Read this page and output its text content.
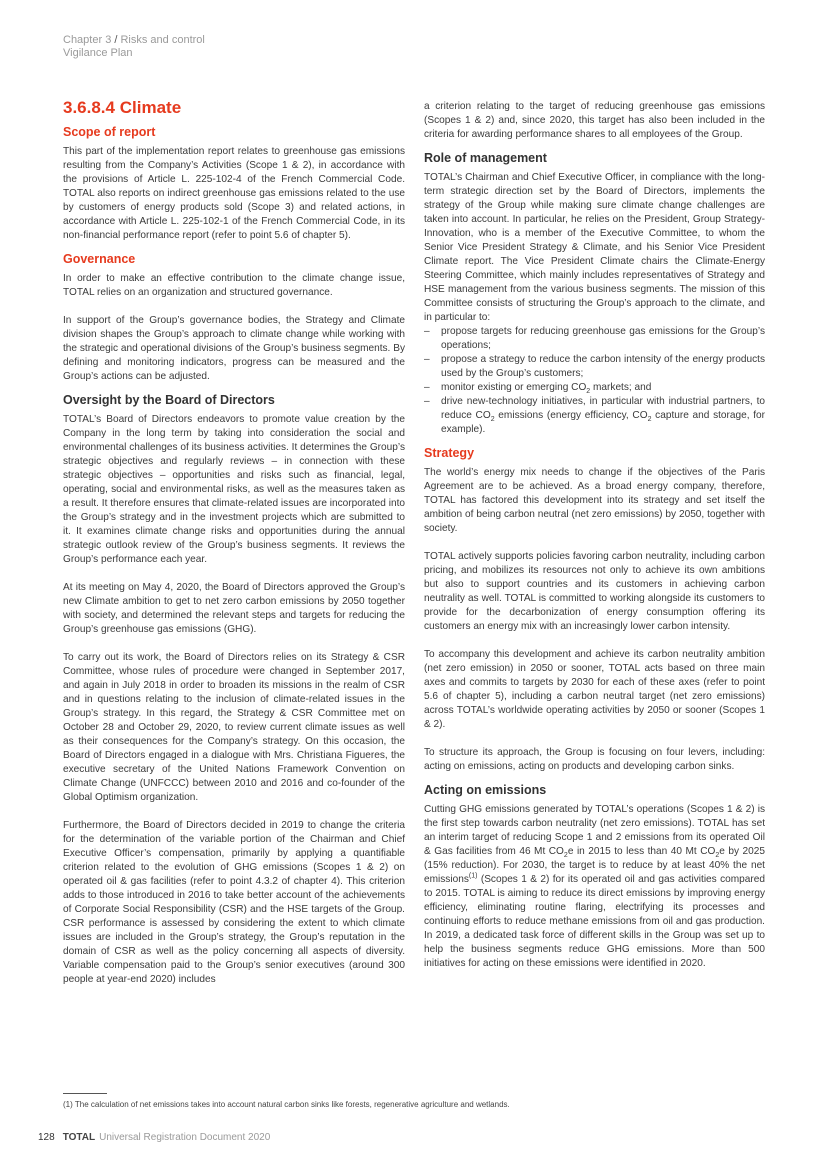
Chapter 3 / Risks and control
Vigilance Plan
3.6.8.4 Climate
Scope of report

This part of the implementation report relates to greenhouse gas emissions resulting from the Company’s Activities (Scope 1 & 2), in accordance with the provisions of Article L. 225-102-4 of the French Commercial Code. TOTAL also reports on indirect greenhouse gas emissions related to the use by customers of energy products sold (Scope 3) and related actions, in accordance with Article L. 225-102-1 of the French Commercial Code, in its non-financial performance report (refer to point 5.6 of chapter 5).

Governance

In order to make an effective contribution to the climate change issue, TOTAL relies on an organization and structured governance.

In support of the Group’s governance bodies, the Strategy and Climate division shapes the Group’s approach to climate change while working with the strategic and operational divisions of the Group’s business segments. By defining and monitoring indicators, progress can be measured and the Group’s actions can be adjusted.

Oversight by the Board of Directors

TOTAL’s Board of Directors endeavors to promote value creation by the Company in the long term by taking into consideration the social and environmental challenges of its business activities. It determines the Group’s strategic objectives and regularly reviews – in connection with these strategic objectives – opportunities and risks such as financial, legal, operating, social and environmental risks, as well as the measures taken as a result. It therefore ensures that climate-related issues are incorporated into the Group’s strategy and in the investment projects which are submitted to it. It examines climate change risks and opportunities during the annual strategic outlook review of the Group’s business segments. It reviews the Group’s performance each year.

At its meeting on May 4, 2020, the Board of Directors approved the Group’s new Climate ambition to get to net zero carbon emissions by 2050 together with society, and determined the relevant steps and targets for reducing the Group’s greenhouse gas emissions (GHG).

To carry out its work, the Board of Directors relies on its Strategy & CSR Committee, whose rules of procedure were changed in September 2017, and again in July 2018 in order to broaden its missions in the realm of CSR and in questions relating to the inclusion of climate-related issues in the Group’s strategy. In this regard, the Strategy & CSR Committee met on October 28 and October 29, 2020, to review current climate issues as well as their consequences for the Company’s strategy. On this occasion, the Board of Directors engaged in a dialogue with Mrs. Christiana Figueres, the executive secretary of the United Nations Framework Convention on Climate Change (UNFCCC) between 2010 and 2016 and co-founder of the Global Optimism organization.

Furthermore, the Board of Directors decided in 2019 to change the criteria for the determination of the variable portion of the Chairman and Chief Executive Officer’s compensation, primarily by applying a quantifiable criterion related to the evolution of GHG emissions (Scopes 1 & 2) on operated oil & gas facilities (refer to point 4.3.2 of chapter 4). This criterion adds to those introduced in 2016 to take better account of the achievements of Corporate Social Responsibility (CSR) and the HSE targets of the Group. CSR performance is assessed by considering the extent to which climate issues are included in the Group’s strategy, the Group’s reputation in the domain of CSR as well as the policy concerning all aspects of diversity. Variable compensation paid to the Group’s senior executives (around 300 people at year-end 2020) includes

a criterion relating to the target of reducing greenhouse gas emissions (Scopes 1 & 2) and, since 2020, this target has also been included in the criteria for awarding performance shares to all employees of the Group.

Role of management

TOTAL’s Chairman and Chief Executive Officer, in compliance with the long-term strategic direction set by the Board of Directors, implements the strategy of the Group while making sure climate change challenges are taken into account. In particular, he relies on the President, Group Strategy-Innovation, who is a member of the Executive Committee, to whom the Senior Vice President Strategy & Climate, and his Senior Vice President Climate report. The Vice President Climate chairs the Climate-Energy Steering Committee, which mainly includes representatives of Strategy and HSE management from the various business segments. The mission of this Committee consists of structuring the Group’s approach to the climate, and in particular to:

– propose targets for reducing greenhouse gas emissions for the Group’s operations;
– propose a strategy to reduce the carbon intensity of the energy products used by the Group’s customers;
– monitor existing or emerging $CO_2$ markets; and
– drive new-technology initiatives, in particular with industrial partners, to reduce $CO_2$ emissions (energy efficiency, $CO_2$ capture and storage, for example).
Strategy

The world’s energy mix needs to change if the objectives of the Paris Agreement are to be achieved. As a broad energy company, therefore, TOTAL has factored this development into its strategy and set itself the ambition of being carbon neutral (net zero emissions) by 2050, together with society.

TOTAL actively supports policies favoring carbon neutrality, including carbon pricing, and mobilizes its resources not only to achieve its own ambitions but also to support countries and its customers in achieving carbon neutrality as well. TOTAL is committed to working alongside its customers to provide for the decarbonization of energy consumption offering its customers an energy mix with an increasingly lower carbon intensity.

To accompany this development and achieve its carbon neutrality ambition (net zero emission) in 2050 or sooner, TOTAL acts based on three main axes and commits to targets by 2030 for each of these axes (refer to point 5.6 of chapter 5), including a carbon neutral target (net zero emissions) across TOTAL’s worldwide operating activities by 2050 or sooner (Scopes 1 & 2).

To structure its approach, the Group is focusing on four levers, including: acting on emissions, acting on products and developing carbon sinks.

Acting on emissions

Cutting GHG emissions generated by TOTAL’s operations (Scopes 1 & 2) is the first step towards carbon neutrality (net zero emissions). TOTAL has set an interim target of reducing Scope 1 and 2 emissions from its operated Oil & Gas facilities from 46 Mt $CO_2e$ in 2015 to less than 40 Mt $CO_2e$ by 2025 (15% reduction). For 2030, the target is to reduce by at least 40% the net emissions$^{(1)}$ (Scopes 1 & 2) for its operated oil and gas activities compared to 2015. TOTAL is aiming to reduce its direct emissions by improving energy efficiency, eliminating routine flaring, electrifying its processes and continuing efforts to reduce methane emissions from oil and gas production. In 2019, a dedicated task force of different skills in the Group was set up to help the business segments reduce GHG emissions. More than 500 initiatives for acting on these emissions were identified in 2020.

(1) The calculation of net emissions takes into account natural carbon sinks like forests, regenerative agriculture and wetlands.
128 TOTAL Universal Registration Document 2020
